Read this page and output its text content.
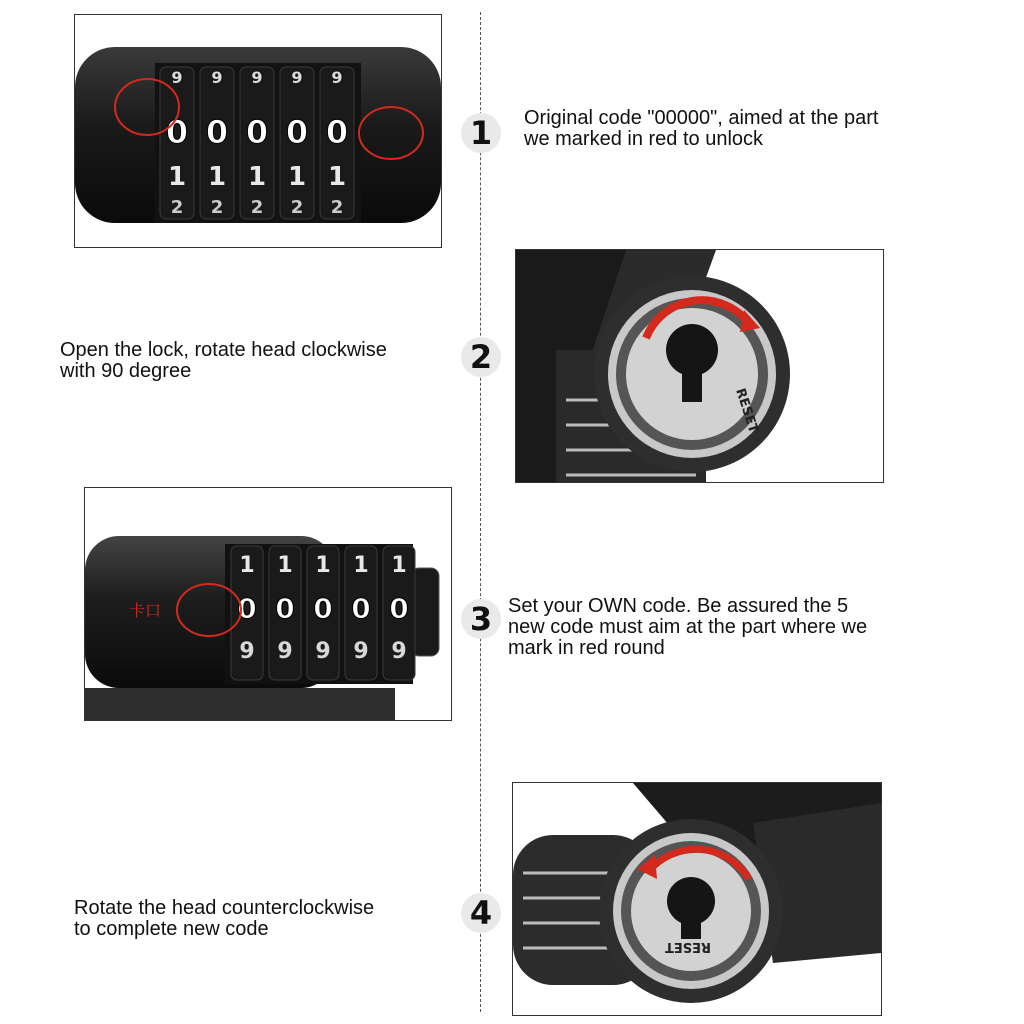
9 9 9 9 9
0 0 0 0 0
1 1 1 1 1
2 2 2 2 2
1	Original code "00000", aimed at the part
we marked in red to unlock
Open the lock, rotate head clockwise
with 90 degree	2
RESET
1 1 1 1 1
0 0 0 0 0
9 9 9 9 9
卡口	3 Set your OWN code. Be assured the 5
new code must aim at the part where we
mark in red round
Rotate the head counterclockwise
to complete new code	4
RESET
